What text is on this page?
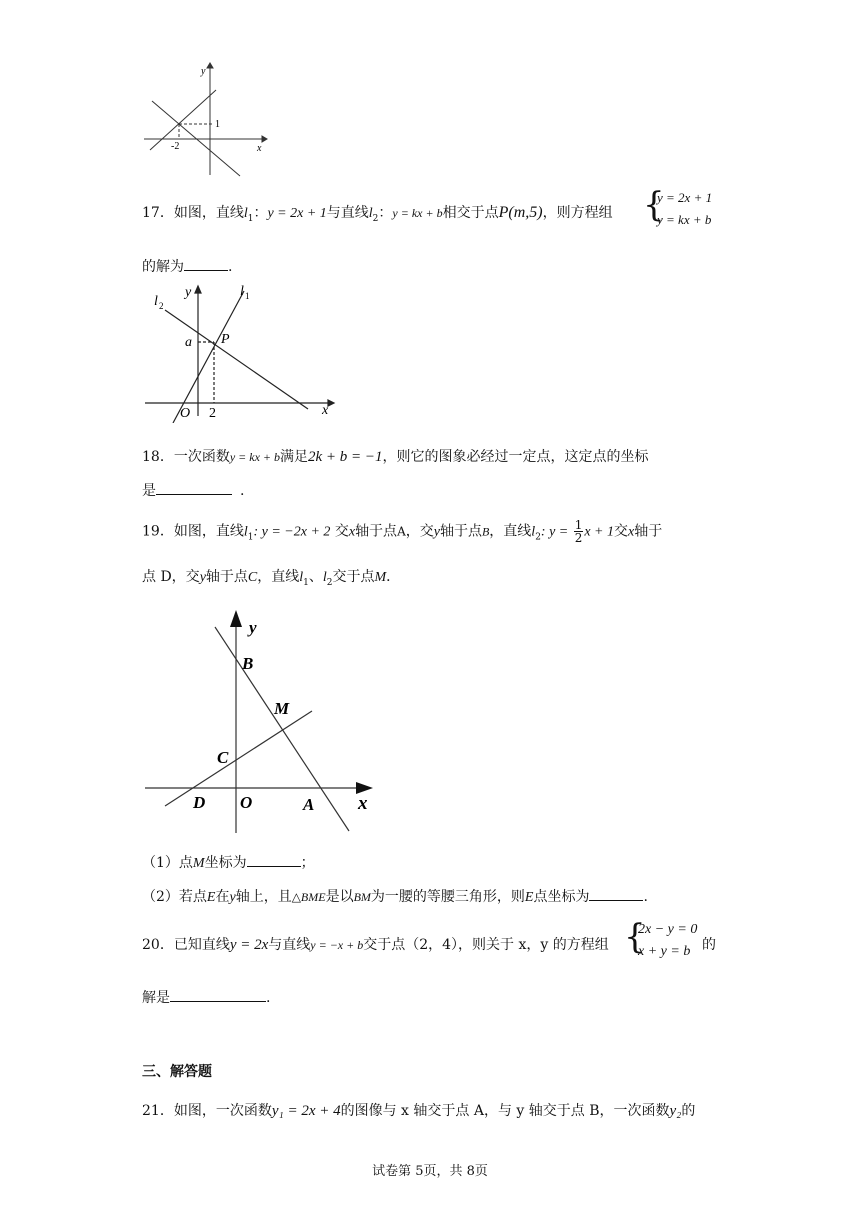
y
x
1
-2
17．如图，直线$l_1$：y = 2x + 1与直线$l_2$：y = kx + b相交于点P(m,5)，则方程组 {
y = 2x + 1
y = kx + b
的解为	.
y	l 1
l 2
a P
O 2	x
18．一次函数y = kx + b满足2k + b = −1，则它的图象必经过一定点，这定点的坐标
是	.
19．如图，直线$l_1$: y = −2x + 2 交x轴于点A，交y轴于点B，直线$l_2$: $y = \frac{1}{2}$ x + 1交x轴于
点 D，交y轴于点C，直线$l_1$、$l_2$交于点M．
y
B
M
C
D O	A x
（1）点M坐标为	；
（2）若点E在y轴上，且△BME是以BM为一腰的等腰三角形，则E点坐标为	.
20．已知直线y = 2x与直线y = −x + b交于点（2，4），则关于 x，y 的方程组 {
2x − y = 0
x + y = b 的
解是	.
三、解答题
21．如图，一次函数y₁ = 2x + 4的图像与 x 轴交于点 A，与 y 轴交于点 B，一次函数y₂的
试卷第 5页，共 8页
